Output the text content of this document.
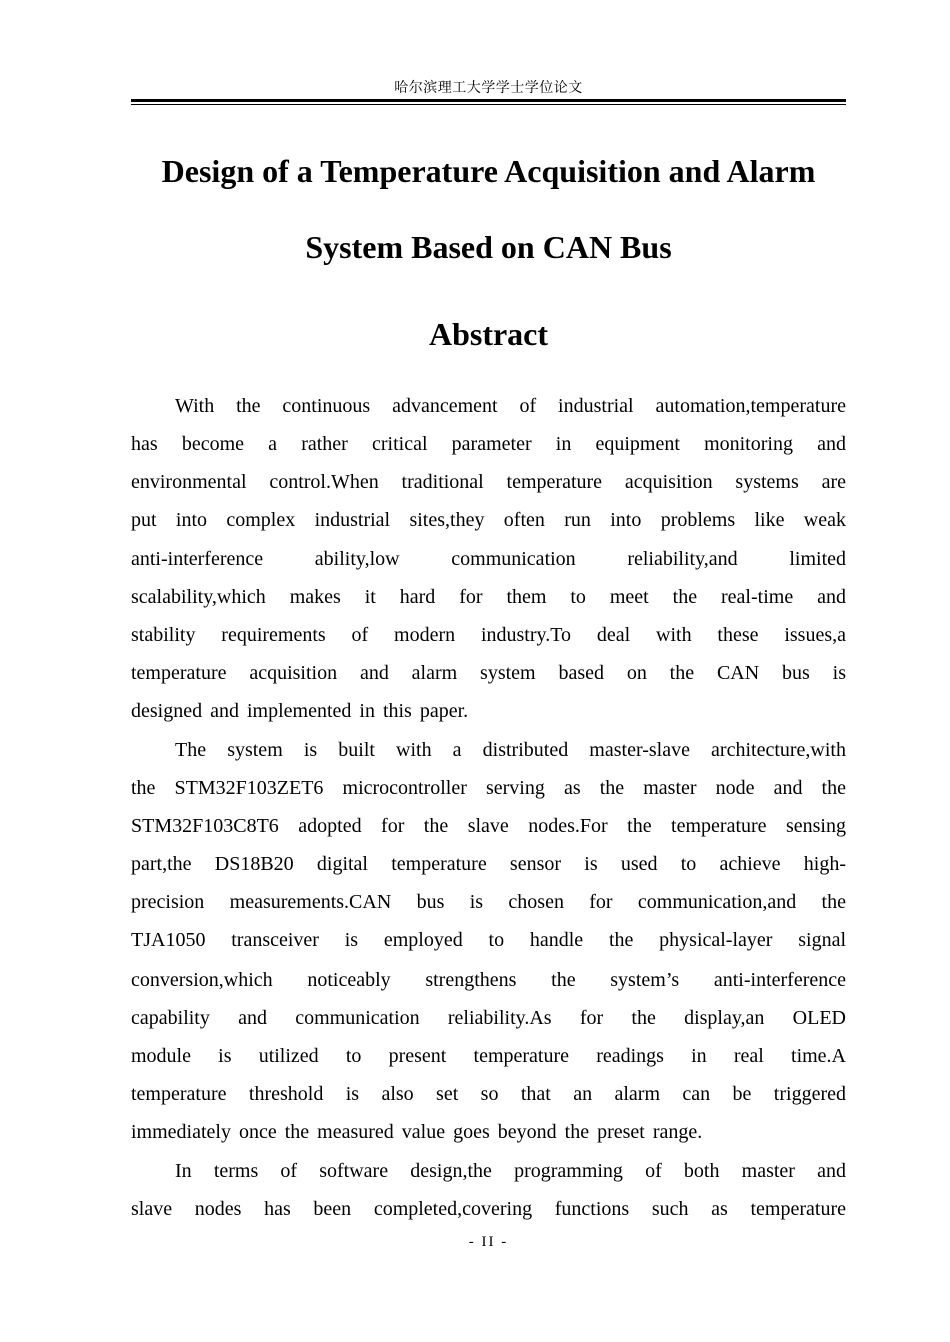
哈尔滨理工大学学士学位论文
Design of a Temperature Acquisition and Alarm
System Based on CAN Bus
Abstract
With the continuous advancement of industrial automation,temperature
has become a rather critical parameter in equipment monitoring and
environmental control.When traditional temperature acquisition systems are
put into complex industrial sites,they often run into problems like weak
anti-interference ability,low communication reliability,and limited
scalability,which makes it hard for them to meet the real-time and
stability requirements of modern industry.To deal with these issues,a
temperature acquisition and alarm system based on the CAN bus is
designed and implemented in this paper.
The system is built with a distributed master-slave architecture,with
the STM32F103ZET6 microcontroller serving as the master node and the
STM32F103C8T6 adopted for the slave nodes.For the temperature sensing
part,the DS18B20 digital temperature sensor is used to achieve high-
precision measurements.CAN bus is chosen for communication,and the
TJA1050 transceiver is employed to handle the physical-layer signal
conversion,which noticeably strengthens the system’s anti-interference
capability and communication reliability.As for the display,an OLED
module is utilized to present temperature readings in real time.A
temperature threshold is also set so that an alarm can be triggered
immediately once the measured value goes beyond the preset range.
In terms of software design,the programming of both master and
slave nodes has been completed,covering functions such as temperature
- II -
